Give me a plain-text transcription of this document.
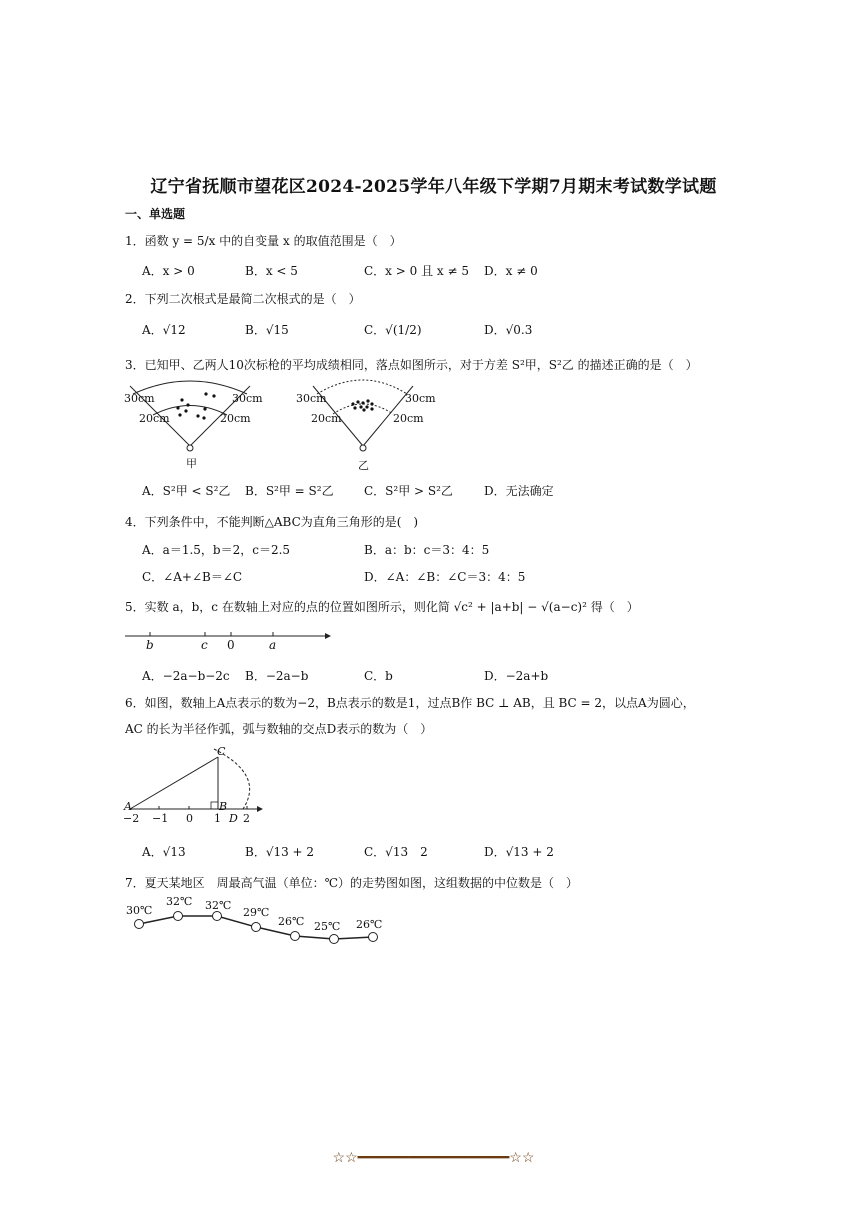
辽宁省抚顺市望花区2024-2025学年八年级下学期7月期末考试数学试题
一、单选题
1．函数 y = 5/x 中的自变量 x 的取值范围是（　）
A．x > 0	B．x < 5	C．x > 0 且 x ≠ 5 D．x ≠ 0
2．下列二次根式是最简二次根式的是（　）
A．√12	B．√15	C．√(1/2)	D．√0.3
3．已知甲、乙两人10次标枪的平均成绩相同，落点如图所示，对于方差 S²甲，S²乙 的描述正确的是（　）
30cm
20cm
30cm
20cm
甲
30cm
20cm
30cm
20cm
乙
A．S²甲 < S²乙 B．S²甲 = S²乙	C．S²甲 > S²乙	D．无法确定
4．下列条件中，不能判断△ABC为直角三角形的是(　)
A．a＝1.5，b＝2，c＝2.5	B．a：b：c＝3：4：5
C．∠A+∠B＝∠C	D．∠A：∠B：∠C＝3：4：5
5．实数 a，b，c 在数轴上对应的点的位置如图所示，则化简 √c² + |a+b| − √(a−c)² 得（　）
b	c 0	a
A．−2a−b−2c B．−2a−b	C．b	D．−2a+b
6．如图，数轴上A点表示的数为−2，B点表示的数是1，过点B作 BC ⊥ AB，且 BC = 2，以点A为圆心，
AC 的长为半径作弧，弧与数轴的交点D表示的数为（　）
A	B
C
D
−2 −1 0 1 2
A．√13	B．√13 + 2	C．√13　2	D．√13 + 2
7．夏天某地区　周最高气温（单位：℃）的走势图如图，这组数据的中位数是（　）
30℃
32℃ 32℃
29℃
26℃ 25℃ 26℃
☆☆━━━━━━━━━━━━━━━━━━☆☆
